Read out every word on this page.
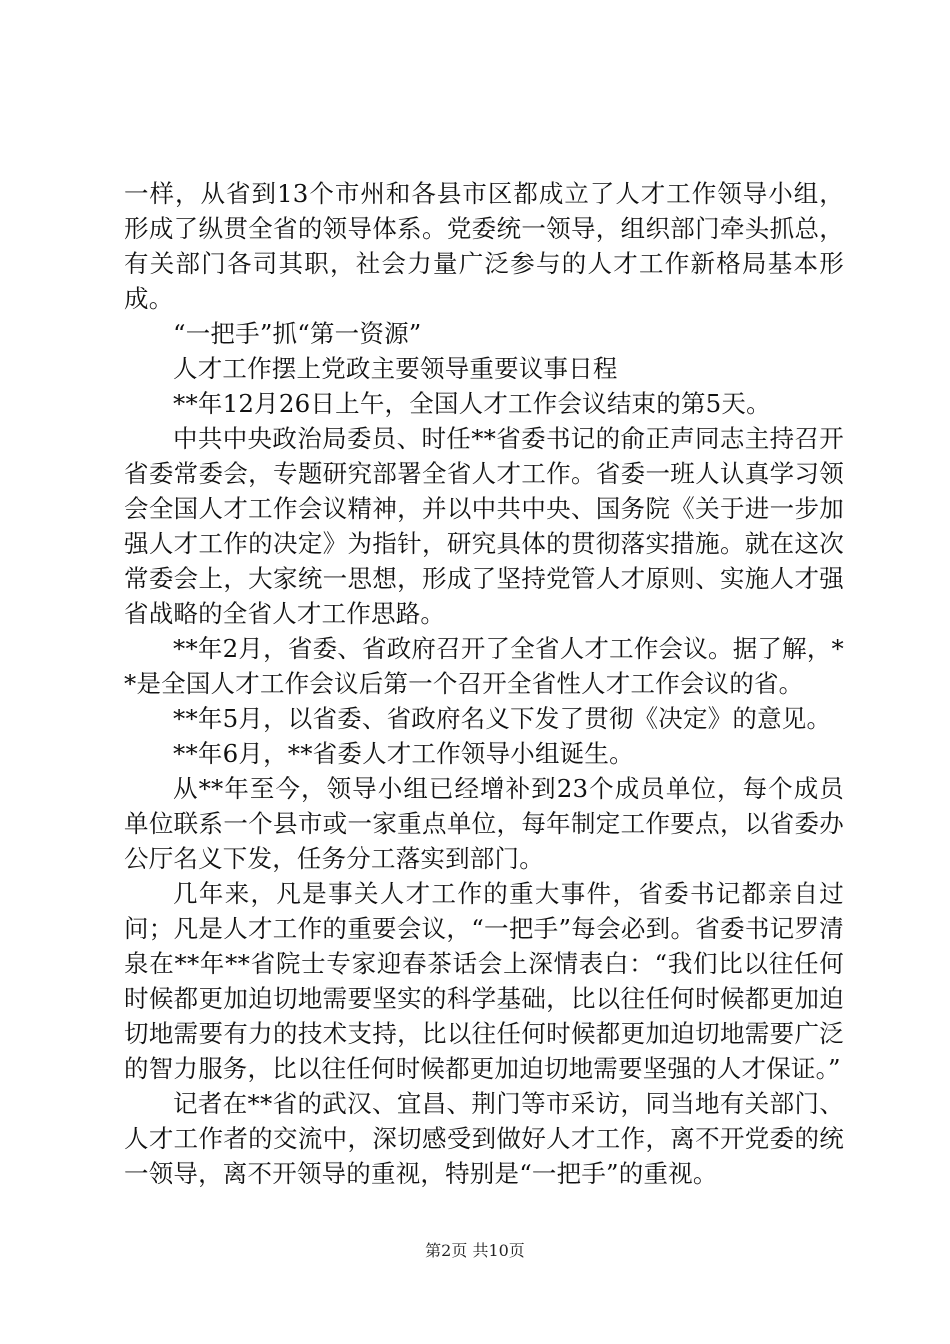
一样，从省到13个市州和各县市区都成立了人才工作领导小组，形成了纵贯全省的领导体系。党委统一领导，组织部门牵头抓总，有关部门各司其职，社会力量广泛参与的人才工作新格局基本形成。

“一把手”抓“第一资源”

人才工作摆上党政主要领导重要议事日程

**年12月26日上午，全国人才工作会议结束的第5天。

中共中央政治局委员、时任**省委书记的俞正声同志主持召开省委常委会，专题研究部署全省人才工作。省委一班人认真学习领会全国人才工作会议精神，并以中共中央、国务院《关于进一步加强人才工作的决定》为指针，研究具体的贯彻落实措施。就在这次常委会上，大家统一思想，形成了坚持党管人才原则、实施人才强省战略的全省人才工作思路。

**年2月，省委、省政府召开了全省人才工作会议。据了解，**是全国人才工作会议后第一个召开全省性人才工作会议的省。

**年5月，以省委、省政府名义下发了贯彻《决定》的意见。

**年6月，**省委人才工作领导小组诞生。

从**年至今，领导小组已经增补到23个成员单位，每个成员单位联系一个县市或一家重点单位，每年制定工作要点，以省委办公厅名义下发，任务分工落实到部门。

几年来，凡是事关人才工作的重大事件，省委书记都亲自过问；凡是人才工作的重要会议，“一把手”每会必到。省委书记罗清泉在**年**省院士专家迎春茶话会上深情表白：“我们比以往任何时候都更加迫切地需要坚实的科学基础，比以往任何时候都更加迫切地需要有力的技术支持，比以往任何时候都更加迫切地需要广泛的智力服务，比以往任何时候都更加迫切地需要坚强的人才保证。”

记者在**省的武汉、宜昌、荆门等市采访，同当地有关部门、人才工作者的交流中，深切感受到做好人才工作，离不开党委的统一领导，离不开领导的重视，特别是“一把手”的重视。

第2页 共10页
